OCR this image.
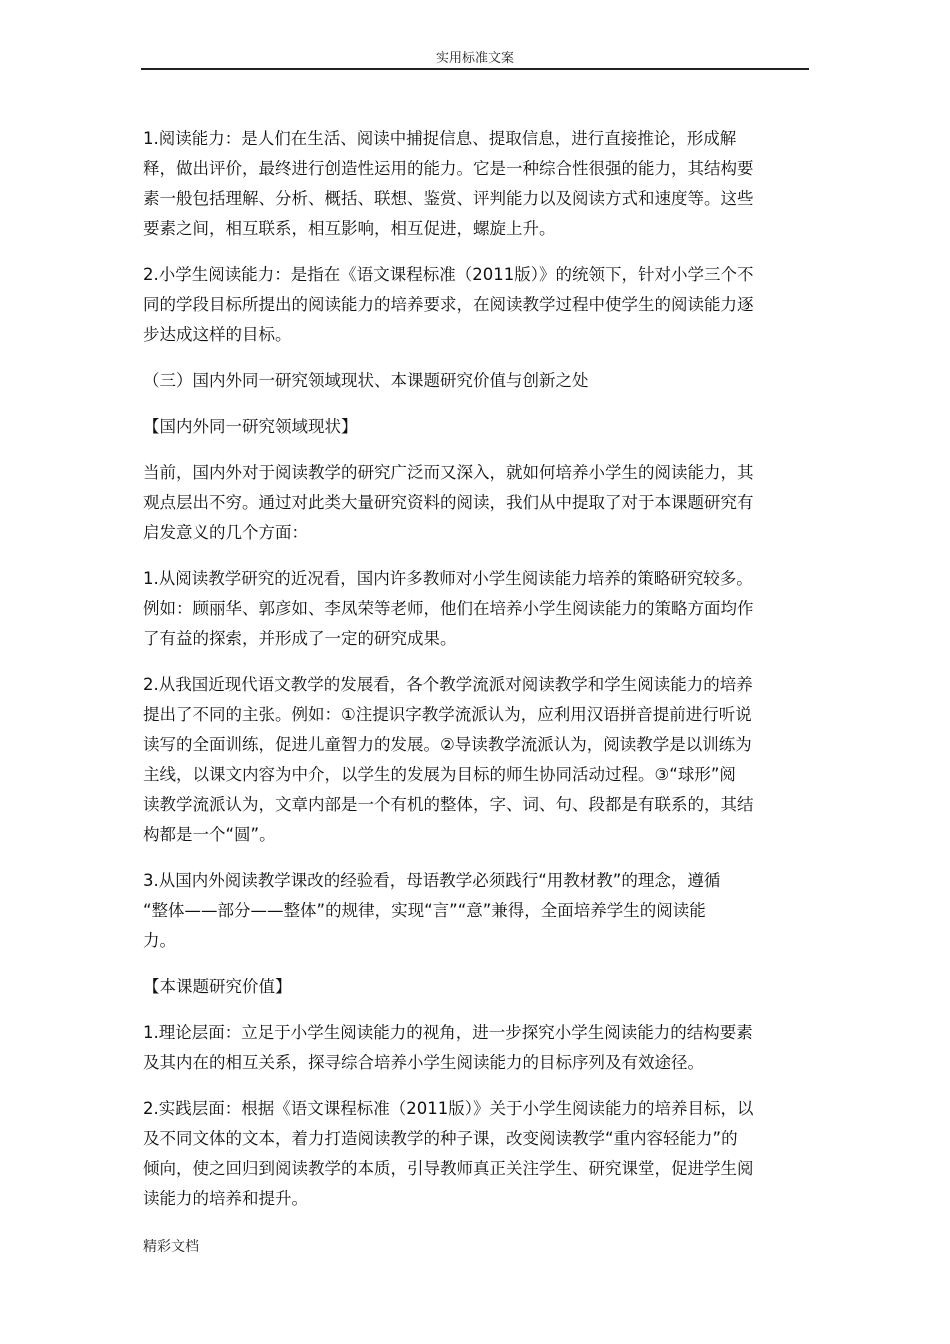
实用标准文案

1.阅读能力：是人们在生活、阅读中捕捉信息、提取信息，进行直接推论，形成解
释，做出评价，最终进行创造性运用的能力。它是一种综合性很强的能力，其结构要
素一般包括理解、分析、概括、联想、鉴赏、评判能力以及阅读方式和速度等。这些
要素之间，相互联系，相互影响，相互促进，螺旋上升。

2.小学生阅读能力：是指在《语文课程标准（2011版）》的统领下，针对小学三个不
同的学段目标所提出的阅读能力的培养要求，在阅读教学过程中使学生的阅读能力逐
步达成这样的目标。

（三）国内外同一研究领域现状、本课题研究价值与创新之处

【国内外同一研究领域现状】

当前，国内外对于阅读教学的研究广泛而又深入，就如何培养小学生的阅读能力，其
观点层出不穷。通过对此类大量研究资料的阅读，我们从中提取了对于本课题研究有
启发意义的几个方面：

1.从阅读教学研究的近况看，国内许多教师对小学生阅读能力培养的策略研究较多。
例如：顾丽华、郭彦如、李凤荣等老师，他们在培养小学生阅读能力的策略方面均作
了有益的探索，并形成了一定的研究成果。

2.从我国近现代语文教学的发展看，各个教学流派对阅读教学和学生阅读能力的培养
提出了不同的主张。例如：①注提识字教学流派认为，应利用汉语拼音提前进行听说
读写的全面训练，促进儿童智力的发展。②导读教学流派认为，阅读教学是以训练为
主线，以课文内容为中介，以学生的发展为目标的师生协同活动过程。③“球形”阅
读教学流派认为，文章内部是一个有机的整体，字、词、句、段都是有联系的，其结
构都是一个“圆”。

3.从国内外阅读教学课改的经验看，母语教学必须践行“用教材教”的理念，遵循
“整体——部分——整体”的规律，实现“言”“意”兼得，全面培养学生的阅读能
力。

【本课题研究价值】

1.理论层面：立足于小学生阅读能力的视角，进一步探究小学生阅读能力的结构要素
及其内在的相互关系，探寻综合培养小学生阅读能力的目标序列及有效途径。

2.实践层面：根据《语文课程标准（2011版）》关于小学生阅读能力的培养目标，以
及不同文体的文本，着力打造阅读教学的种子课，改变阅读教学“重内容轻能力”的
倾向，使之回归到阅读教学的本质，引导教师真正关注学生、研究课堂，促进学生阅
读能力的培养和提升。

精彩文档
